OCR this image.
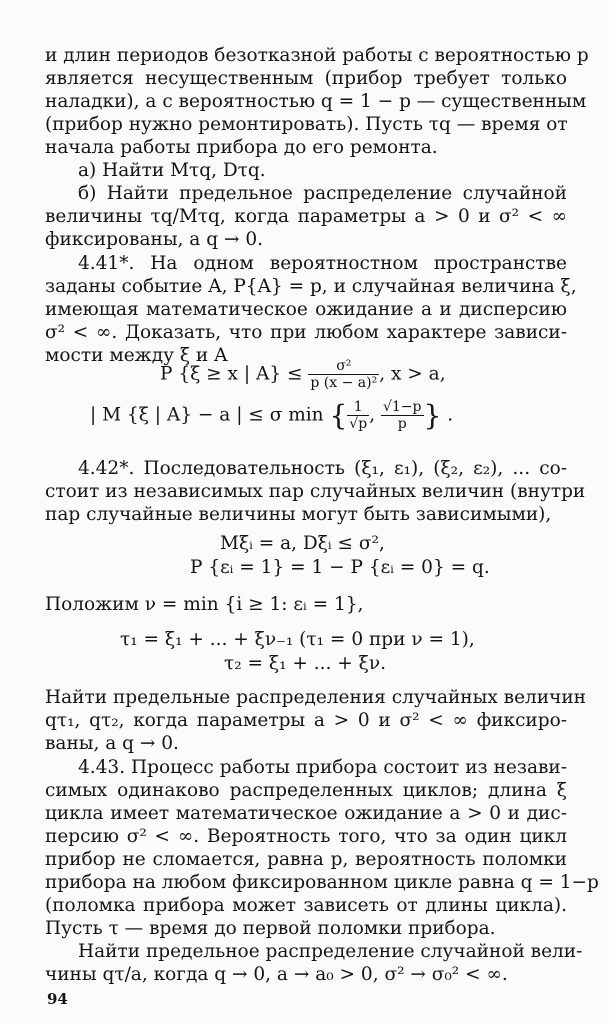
и длин периодов безотказной работы с вероятностью p
является несущественным (прибор требует только
наладки), а с вероятностью q = 1 − p — существенным
(прибор нужно ремонтировать). Пусть τq — время от
начала работы прибора до его ремонта.
а) Найти Mτq, Dτq.
б) Найти предельное распределение случайной
величины τq/Mτq, когда параметры a > 0 и σ² < ∞
фиксированы, а q → 0.
4.41*. На одном вероятностном пространстве
заданы событие A, P{A} = p, и случайная величина ξ,
имеющая математическое ожидание a и дисперсию
σ² < ∞. Доказать, что при любом характере зависи-
мости между ξ и A
P {ξ ≥ x | $A\} \le \frac{\text{σ²}}{\text{p (x − a)²}}$ , x > a,
| M {ξ | A} − a | ≤ σ min { $\frac{1}{√p}$ , $\frac{√1-p}{p}$ } .
4.42*. Последовательность (ξ₁, ε₁), (ξ₂, ε₂), ... со-
стоит из независимых пар случайных величин (внутри
пар случайные величины могут быть зависимыми),
Mξᵢ = a, Dξᵢ ≤ σ²,
P {εᵢ = 1} = 1 − P {εᵢ = 0} = q.
Положим ν = min {i ≥ 1: εᵢ = 1},
τ₁ = ξ₁ + ... + ξν₋₁ (τ₁ = 0 при ν = 1),
τ₂ = ξ₁ + ... + ξν.
Найти предельные распределения случайных величин
qτ₁, qτ₂, когда параметры a > 0 и σ² < ∞ фиксиро-
ваны, а q → 0.
4.43. Процесс работы прибора состоит из незави-
симых одинаково распределенных циклов; длина ξ
цикла имеет математическое ожидание a > 0 и дис-
персию σ² < ∞. Вероятность того, что за один цикл
прибор не сломается, равна p, вероятность поломки
прибора на любом фиксированном цикле равна q = 1−p
(поломка прибора может зависеть от длины цикла).
Пусть τ — время до первой поломки прибора.
Найти предельное распределение случайной вели-
чины qτ/a, когда q → 0, a → a₀ > 0, σ² → σ₀² < ∞.
94
